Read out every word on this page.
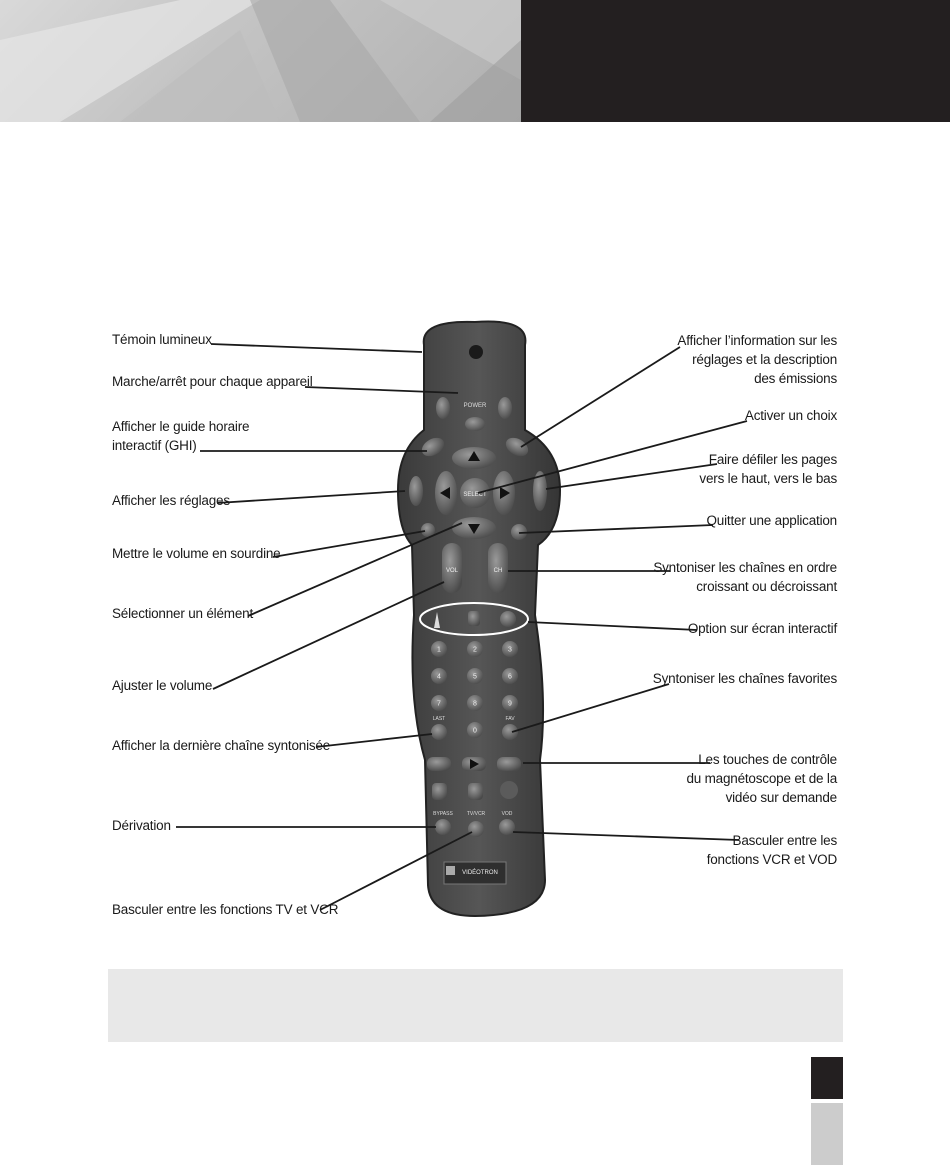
POWER
SELECT
VOL	CH
1	2	3
4	5	6
7	8	9
0
LAST	FAV
BYPASS	TV/VCR	VOD
VIDÉOTRON
Témoin lumineux
Marche/arrêt pour chaque appareil
Afficher le guide horaire
interactif (GHI)
Afficher les réglages
Mettre le volume en sourdine
Sélectionner un élément
Ajuster le volume
Afficher la dernière chaîne syntonisée
Dérivation
Basculer entre les fonctions TV et VCR
Afficher l’information sur les
réglages et la description
des émissions
Activer un choix
Faire défiler les pages
vers le haut, vers le bas
Quitter une application
Syntoniser les chaînes en ordre
croissant ou décroissant
Option sur écran interactif
Syntoniser les chaînes favorites
Les touches de contrôle
du magnétoscope et de la
vidéo sur demande
Basculer entre les
fonctions VCR et VOD
